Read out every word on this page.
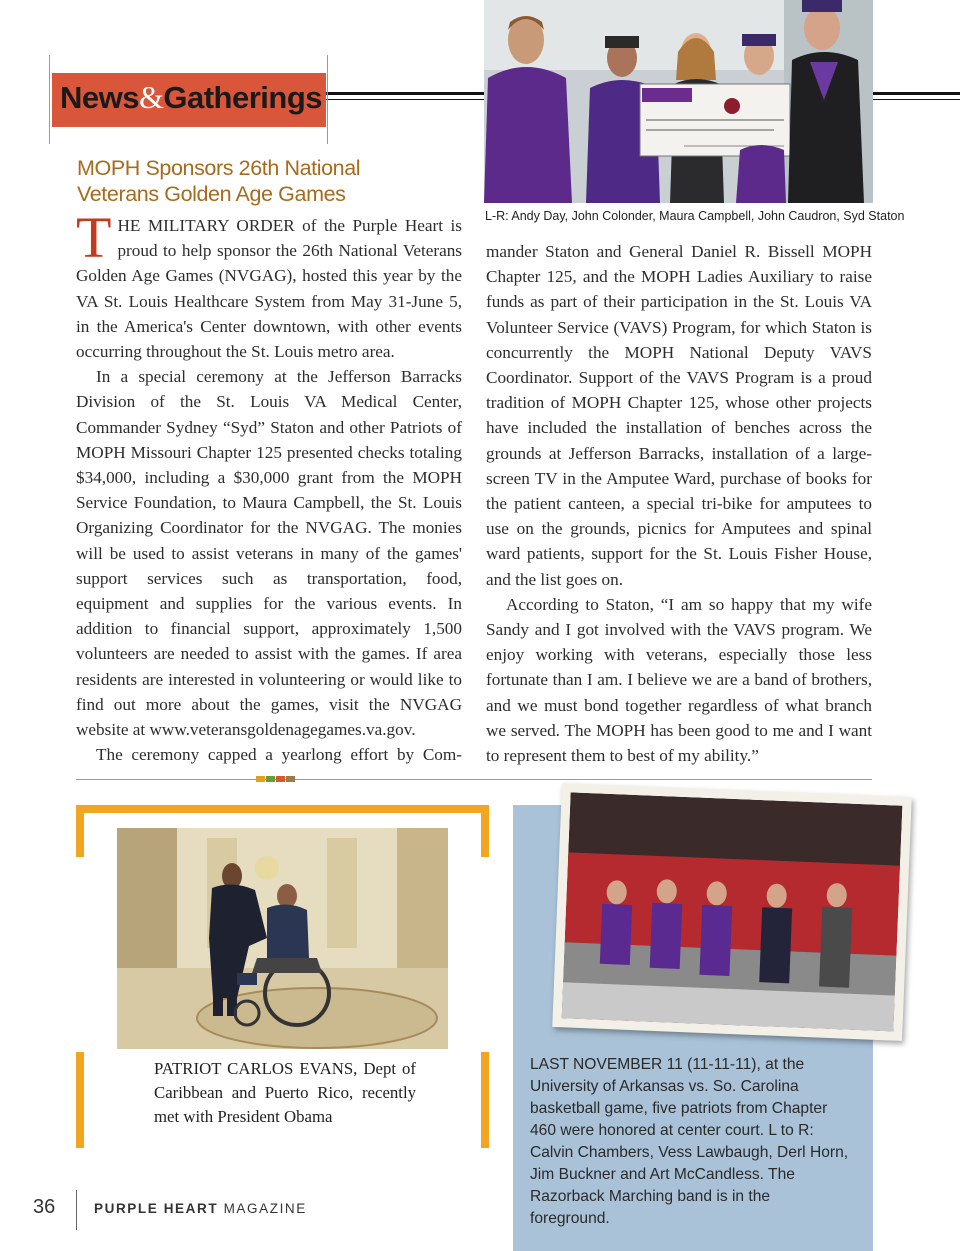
News&Gatherings
MOPH Sponsors 26th National Veterans Golden Age Games

THE MILITARY ORDER of the Purple Heart is proud to help sponsor the 26th National Veterans Golden Age Games (NVGAG), hosted this year by the VA St. Louis Healthcare System from May 31-June 5, in the America's Center downtown, with other events occurring throughout the St. Louis metro area.

In a special ceremony at the Jefferson Barracks Division of the St. Louis VA Medical Center, Commander Sydney “Syd” Staton and other Patriots of MOPH Missouri Chapter 125 presented checks totaling $34,000, including a $30,000 grant from the MOPH Service Foundation, to Maura Campbell, the St. Louis Organizing Coordinator for the NVGAG. The monies will be used to assist veterans in many of the games' support services such as transportation, food, equipment and supplies for the various events. In addition to financial support, approximately 1,500 volunteers are needed to assist with the games. If area residents are interested in volunteering or would like to find out more about the games, visit the NVGAG website at www.veteransgoldenagegames.va.gov.

The ceremony capped a yearlong effort by Com-

mander Staton and General Daniel R. Bissell MOPH Chapter 125, and the MOPH Ladies Auxiliary to raise funds as part of their participation in the St. Louis VA Volunteer Service (VAVS) Program, for which Staton is concurrently the MOPH National Deputy VAVS Coordinator. Support of the VAVS Program is a proud tradition of MOPH Chapter 125, whose other projects have included the installation of benches across the grounds at Jefferson Barracks, installation of a large-screen TV in the Amputee Ward, purchase of books for the patient canteen, a special tri-bike for amputees to use on the grounds, picnics for Amputees and spinal ward patients, support for the St. Louis Fisher House, and the list goes on.

According to Staton, “I am so happy that my wife Sandy and I got involved with the VAVS program. We enjoy working with veterans, especially those less fortunate than I am. I believe we are a band of brothers, and we must bond together regardless of what branch we served. The MOPH has been good to me and I want to represent them to best of my ability.”

L-R: Andy Day, John Colonder, Maura Campbell, John Caudron, Syd Staton
PATRIOT CARLOS EVANS, Dept of Caribbean and Puerto Rico, recently met with President Obama
LAST NOVEMBER 11 (11-11-11), at the University of Arkansas vs. So. Carolina basketball game, five patriots from Chapter 460 were honored at center court. L to R: Calvin Chambers, Vess Lawbaugh, Derl Horn, Jim Buckner and Art McCandless. The Razorback Marching band is in the foreground.
36	PURPLE HEART MAGAZINE
